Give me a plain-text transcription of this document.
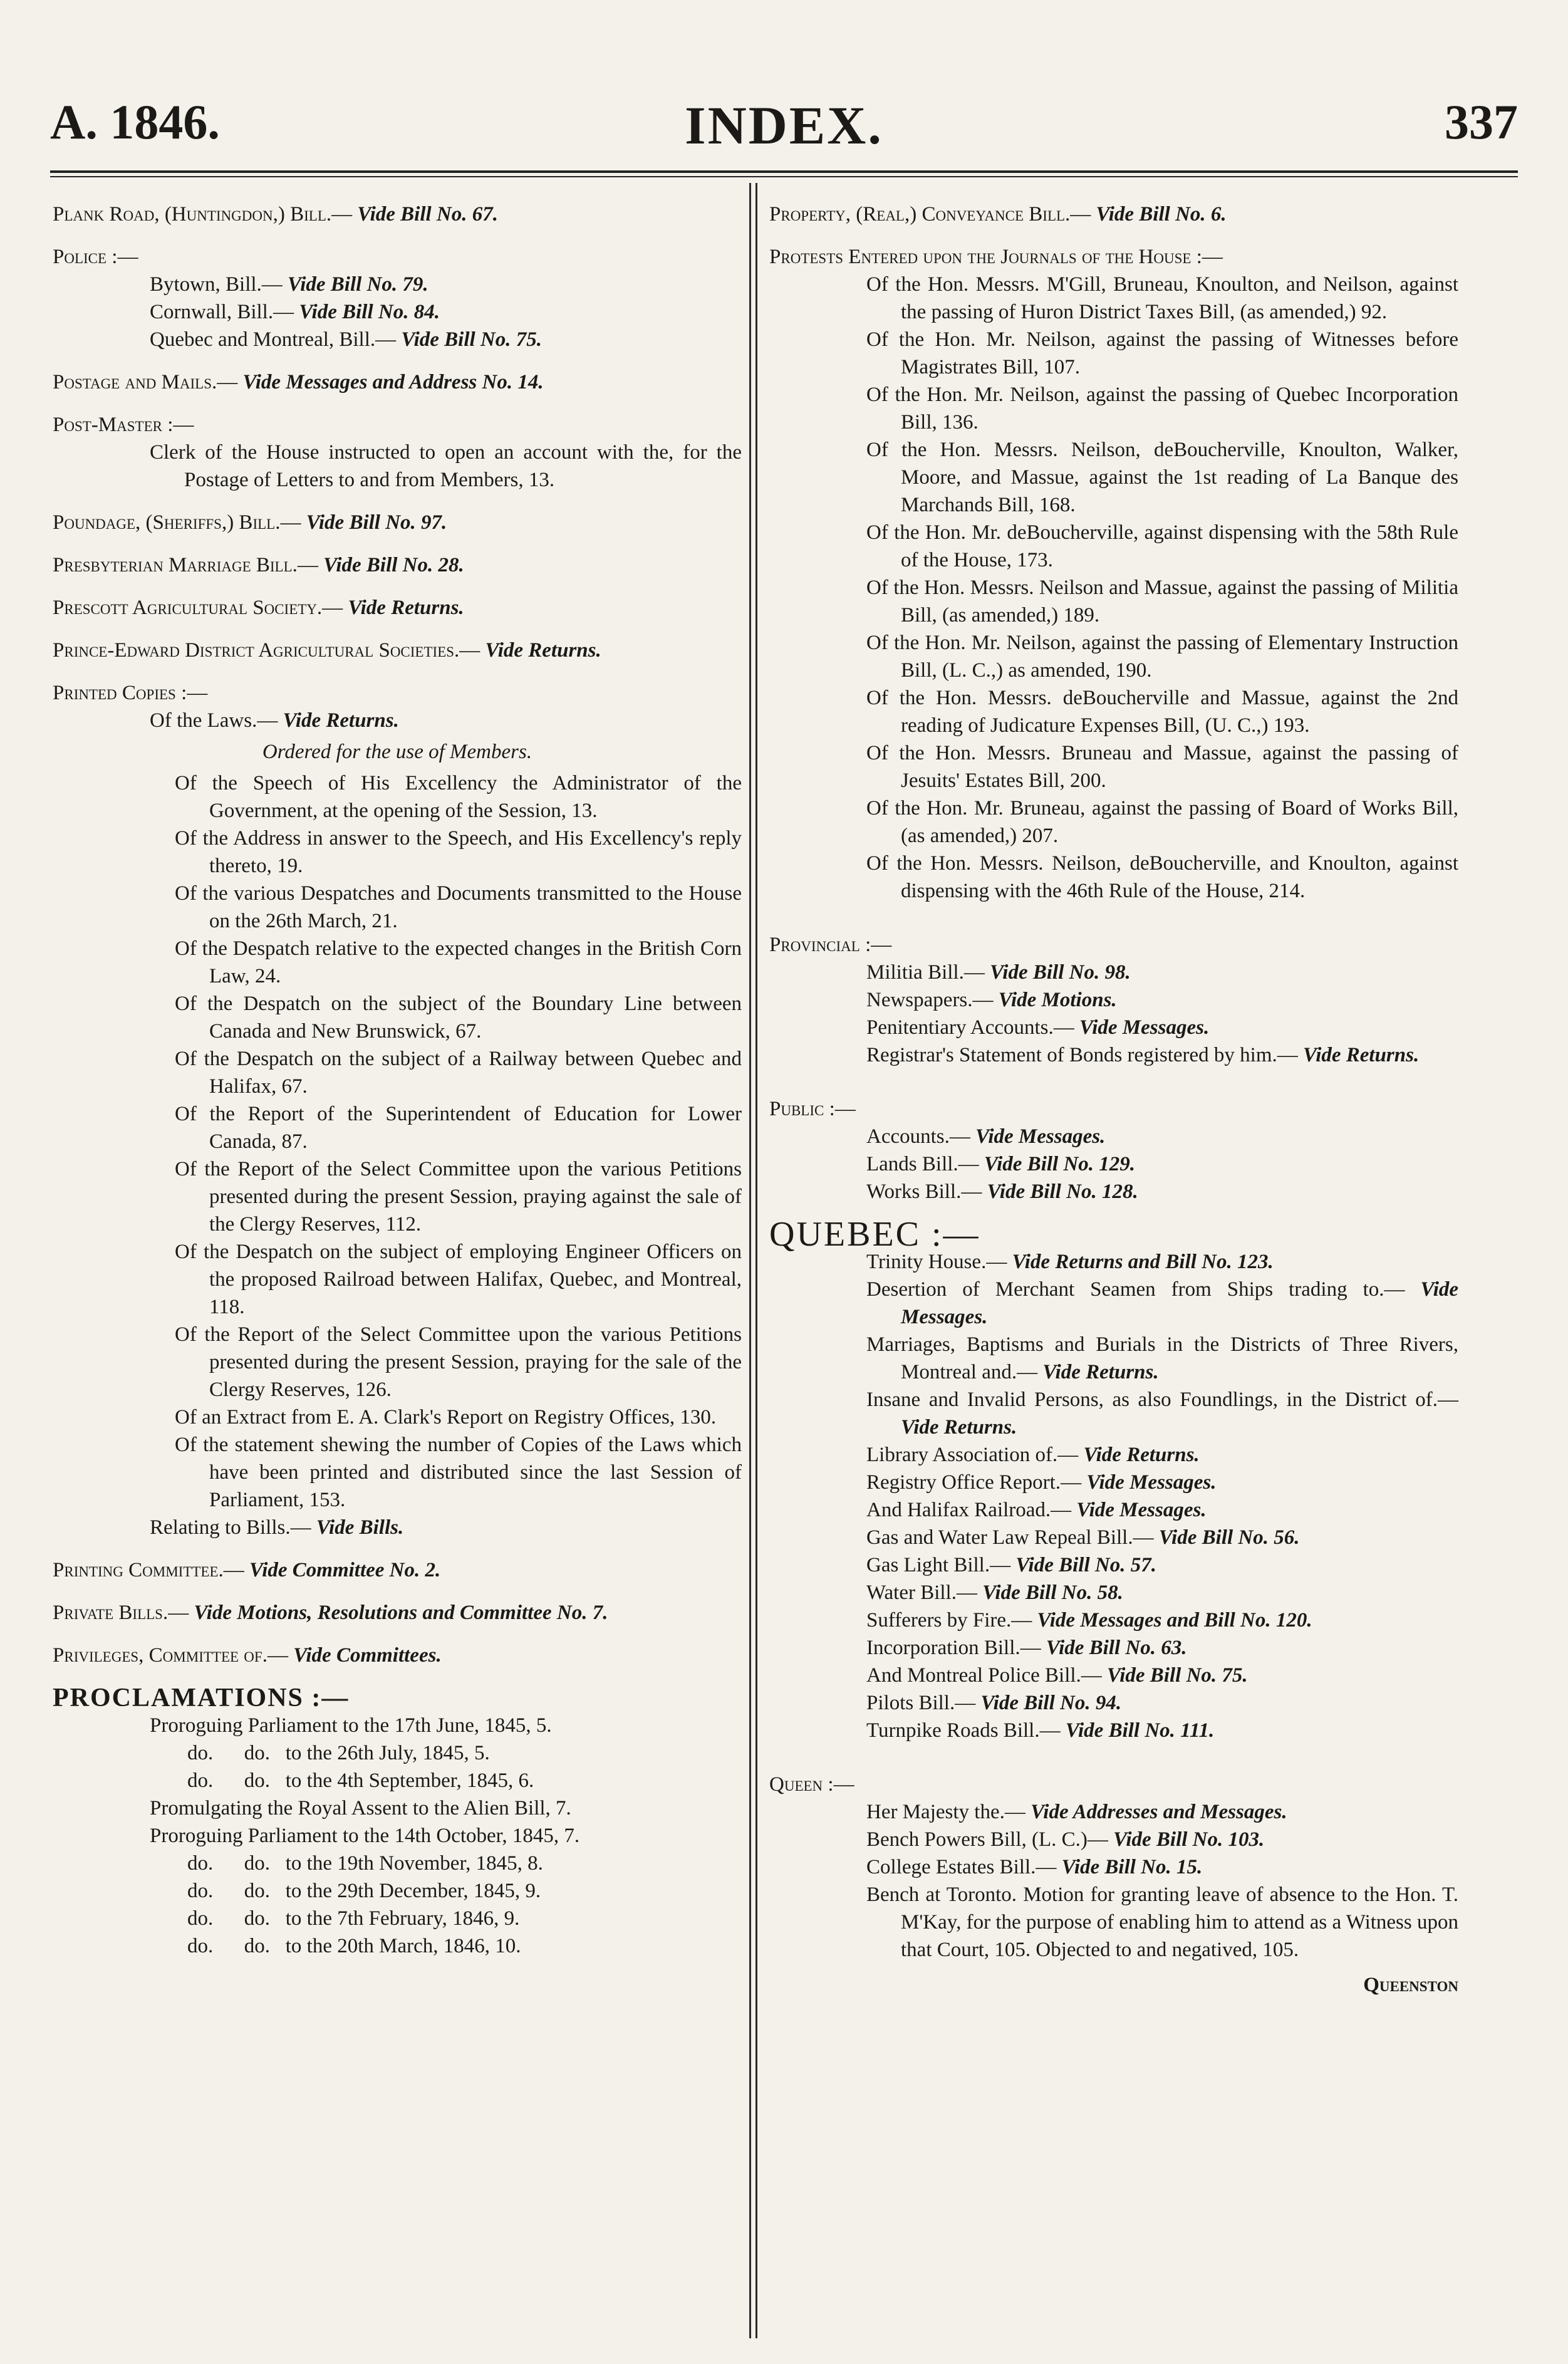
A. 1846.	INDEX.	337

Plank Road, (Huntingdon,) Bill.— Vide Bill No. 67.

Police :—

Bytown, Bill.— Vide Bill No. 79.

Cornwall, Bill.— Vide Bill No. 84.

Quebec and Montreal, Bill.— Vide Bill No. 75.

Postage and Mails.— Vide Messages and Address No. 14.

Post-Master :—

Clerk of the House instructed to open an account with the, for the Postage of Letters to and from Members, 13.

Poundage, (Sheriffs,) Bill.— Vide Bill No. 97.

Presbyterian Marriage Bill.— Vide Bill No. 28.

Prescott Agricultural Society.— Vide Returns.

Prince-Edward District Agricultural Societies.— Vide Returns.

Printed Copies :—

Of the Laws.— Vide Returns.

Ordered for the use of Members.

Of the Speech of His Excellency the Administrator of the Government, at the opening of the Session, 13.

Of the Address in answer to the Speech, and His Excellency's reply thereto, 19.

Of the various Despatches and Documents transmitted to the House on the 26th March, 21.

Of the Despatch relative to the expected changes in the British Corn Law, 24.

Of the Despatch on the subject of the Boundary Line between Canada and New Brunswick, 67.

Of the Despatch on the subject of a Railway between Quebec and Halifax, 67.

Of the Report of the Superintendent of Education for Lower Canada, 87.

Of the Report of the Select Committee upon the various Petitions presented during the present Session, praying against the sale of the Clergy Reserves, 112.

Of the Despatch on the subject of employing Engineer Officers on the proposed Railroad between Halifax, Quebec, and Montreal, 118.

Of the Report of the Select Committee upon the various Petitions presented during the present Session, praying for the sale of the Clergy Reserves, 126.

Of an Extract from E. A. Clark's Report on Registry Offices, 130.

Of the statement shewing the number of Copies of the Laws which have been printed and distributed since the last Session of Parliament, 153.

Relating to Bills.— Vide Bills.

Printing Committee.— Vide Committee No. 2.

Private Bills.— Vide Motions, Resolutions and Committee No. 7.

Privileges, Committee of.— Vide Committees.

PROCLAMATIONS :—

Proroguing Parliament to the 17th June, 1845, 5.

do.      do.   to the 26th July, 1845, 5.

do.      do.   to the 4th September, 1845, 6.

Promulgating the Royal Assent to the Alien Bill, 7.

Proroguing Parliament to the 14th October, 1845, 7.

do.      do.   to the 19th November, 1845, 8.

do.      do.   to the 29th December, 1845, 9.

do.      do.   to the 7th February, 1846, 9.

do.      do.   to the 20th March, 1846, 10.

Property, (Real,) Conveyance Bill.— Vide Bill No. 6.

Protests Entered upon the Journals of the House :—

Of the Hon. Messrs. M'Gill, Bruneau, Knoulton, and Neilson, against the passing of Huron District Taxes Bill, (as amended,) 92.

Of the Hon. Mr. Neilson, against the passing of Witnesses before Magistrates Bill, 107.

Of the Hon. Mr. Neilson, against the passing of Quebec Incorporation Bill, 136.

Of the Hon. Messrs. Neilson, deBoucherville, Knoulton, Walker, Moore, and Massue, against the 1st reading of La Banque des Marchands Bill, 168.

Of the Hon. Mr. deBoucherville, against dispensing with the 58th Rule of the House, 173.

Of the Hon. Messrs. Neilson and Massue, against the passing of Militia Bill, (as amended,) 189.

Of the Hon. Mr. Neilson, against the passing of Elementary Instruction Bill, (L. C.,) as amended, 190.

Of the Hon. Messrs. deBoucherville and Massue, against the 2nd reading of Judicature Expenses Bill, (U. C.,) 193.

Of the Hon. Messrs. Bruneau and Massue, against the passing of Jesuits' Estates Bill, 200.

Of the Hon. Mr. Bruneau, against the passing of Board of Works Bill, (as amended,) 207.

Of the Hon. Messrs. Neilson, deBoucherville, and Knoulton, against dispensing with the 46th Rule of the House, 214.

Provincial :—

Militia Bill.— Vide Bill No. 98.

Newspapers.— Vide Motions.

Penitentiary Accounts.— Vide Messages.

Registrar's Statement of Bonds registered by him.— Vide Returns.

Public :—

Accounts.— Vide Messages.

Lands Bill.— Vide Bill No. 129.

Works Bill.— Vide Bill No. 128.

QUEBEC :—

Trinity House.— Vide Returns and Bill No. 123.

Desertion of Merchant Seamen from Ships trading to.— Vide Messages.

Marriages, Baptisms and Burials in the Districts of Three Rivers, Montreal and.— Vide Returns.

Insane and Invalid Persons, as also Foundlings, in the District of.— Vide Returns.

Library Association of.— Vide Returns.

Registry Office Report.— Vide Messages.

And Halifax Railroad.— Vide Messages.

Gas and Water Law Repeal Bill.— Vide Bill No. 56.

Gas Light Bill.— Vide Bill No. 57.

Water Bill.— Vide Bill No. 58.

Sufferers by Fire.— Vide Messages and Bill No. 120.

Incorporation Bill.— Vide Bill No. 63.

And Montreal Police Bill.— Vide Bill No. 75.

Pilots Bill.— Vide Bill No. 94.

Turnpike Roads Bill.— Vide Bill No. 111.

Queen :—

Her Majesty the.— Vide Addresses and Messages.

Bench Powers Bill, (L. C.)— Vide Bill No. 103.

College Estates Bill.— Vide Bill No. 15.

Bench at Toronto. Motion for granting leave of absence to the Hon. T. M'Kay, for the purpose of enabling him to attend as a Witness upon that Court, 105. Objected to and negatived, 105.

Queenston
